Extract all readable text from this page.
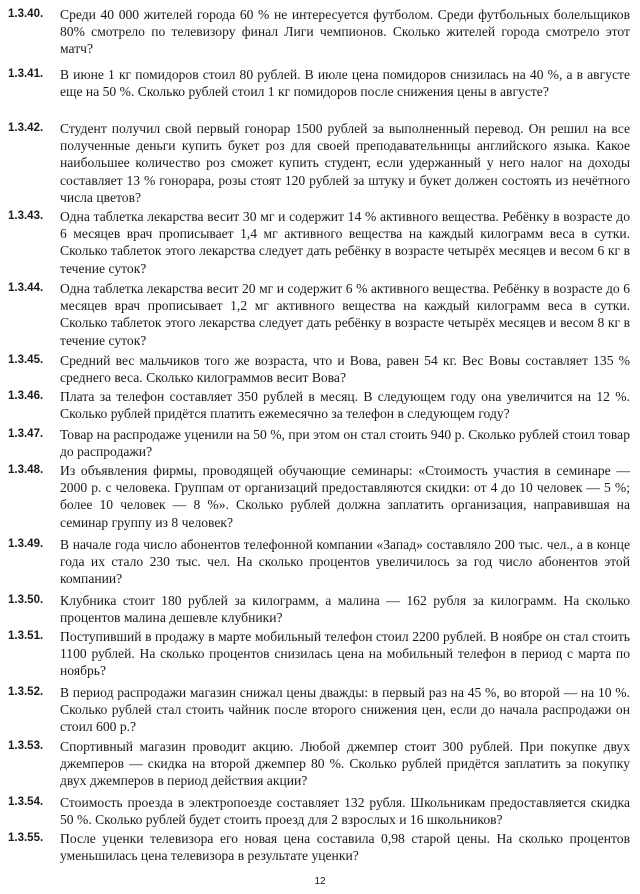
1.3.40.	Среди 40 000 жителей города 60 % не интересуется футболом. Среди футбольных болельщиков 80% смотрело по телевизору финал Лиги чемпионов. Сколько жителей города смотрело этот матч?
1.3.41.	В июне 1 кг помидоров стоил 80 рублей. В июле цена помидоров снизилась на 40 %, а в августе еще на 50 %. Сколько рублей стоил 1 кг помидоров после снижения цены в августе?
1.3.42.	Студент получил свой первый гонорар 1500 рублей за выполненный перевод. Он решил на все полученные деньги купить букет роз для своей преподавательницы английского языка. Какое наибольшее количество роз сможет купить студент, если удержанный у него налог на доходы составляет 13 % гонорара, розы стоят 120 рублей за штуку и букет должен состоять из нечётного числа цветов?
1.3.43.	Одна таблетка лекарства весит 30 мг и содержит 14 % активного вещества. Ребёнку в возрасте до 6 месяцев врач прописывает 1,4 мг активного вещества на каждый килограмм веса в сутки. Сколько таблеток этого лекарства следует дать ребёнку в возрасте четырёх месяцев и весом 6 кг в течение суток?
1.3.44.	Одна таблетка лекарства весит 20 мг и содержит 6 % активного вещества. Ребёнку в возрасте до 6 месяцев врач прописывает 1,2 мг активного вещества на каждый килограмм веса в сутки. Сколько таблеток этого лекарства следует дать ребёнку в возрасте четырёх месяцев и весом 8 кг в течение суток?
1.3.45.	Средний вес мальчиков того же возраста, что и Вова, равен 54 кг. Вес Вовы составляет 135 % среднего веса. Сколько килограммов весит Вова?
1.3.46.	Плата за телефон составляет 350 рублей в месяц. В следующем году она увеличится на 12 %. Сколько рублей придётся платить ежемесячно за телефон в следующем году?
1.3.47.	Товар на распродаже уценили на 50 %, при этом он стал стоить 940 р. Сколько рублей стоил товар до распродажи?
1.3.48.	Из объявления фирмы, проводящей обучающие семинары: «Стоимость участия в семинаре — 2000 р. с человека. Группам от организаций предоставляются скидки: от 4 до 10 человек — 5 %; более 10 человек — 8 %». Сколько рублей должна заплатить организация, направившая на семинар группу из 8 человек?
1.3.49.	В начале года число абонентов телефонной компании «Запад» составляло 200 тыс. чел., а в конце года их стало 230 тыс. чел. На сколько процентов увеличилось за год число абонентов этой компании?
1.3.50.	Клубника стоит 180 рублей за килограмм, а малина — 162 рубля за килограмм. На сколько процентов малина дешевле клубники?
1.3.51.	Поступивший в продажу в марте мобильный телефон стоил 2200 рублей. В ноябре он стал стоить 1100 рублей. На сколько процентов снизилась цена на мобильный телефон в период с марта по ноябрь?
1.3.52.	В период распродажи магазин снижал цены дважды: в первый раз на 45 %, во второй — на 10 %. Сколько рублей стал стоить чайник после второго снижения цен, если до начала распродажи он стоил 600 р.?
1.3.53.	Спортивный магазин проводит акцию. Любой джемпер стоит 300 рублей. При покупке двух джемперов — скидка на второй джемпер 80 %. Сколько рублей придётся заплатить за покупку двух джемперов в период действия акции?
1.3.54.	Стоимость проезда в электропоезде составляет 132 рубля. Школьникам предоставляется скидка 50 %. Сколько рублей будет стоить проезд для 2 взрослых и 16 школьников?
1.3.55.	После уценки телевизора его новая цена составила 0,98 старой цены. На сколько процентов уменьшилась цена телевизора в результате уценки?
12
